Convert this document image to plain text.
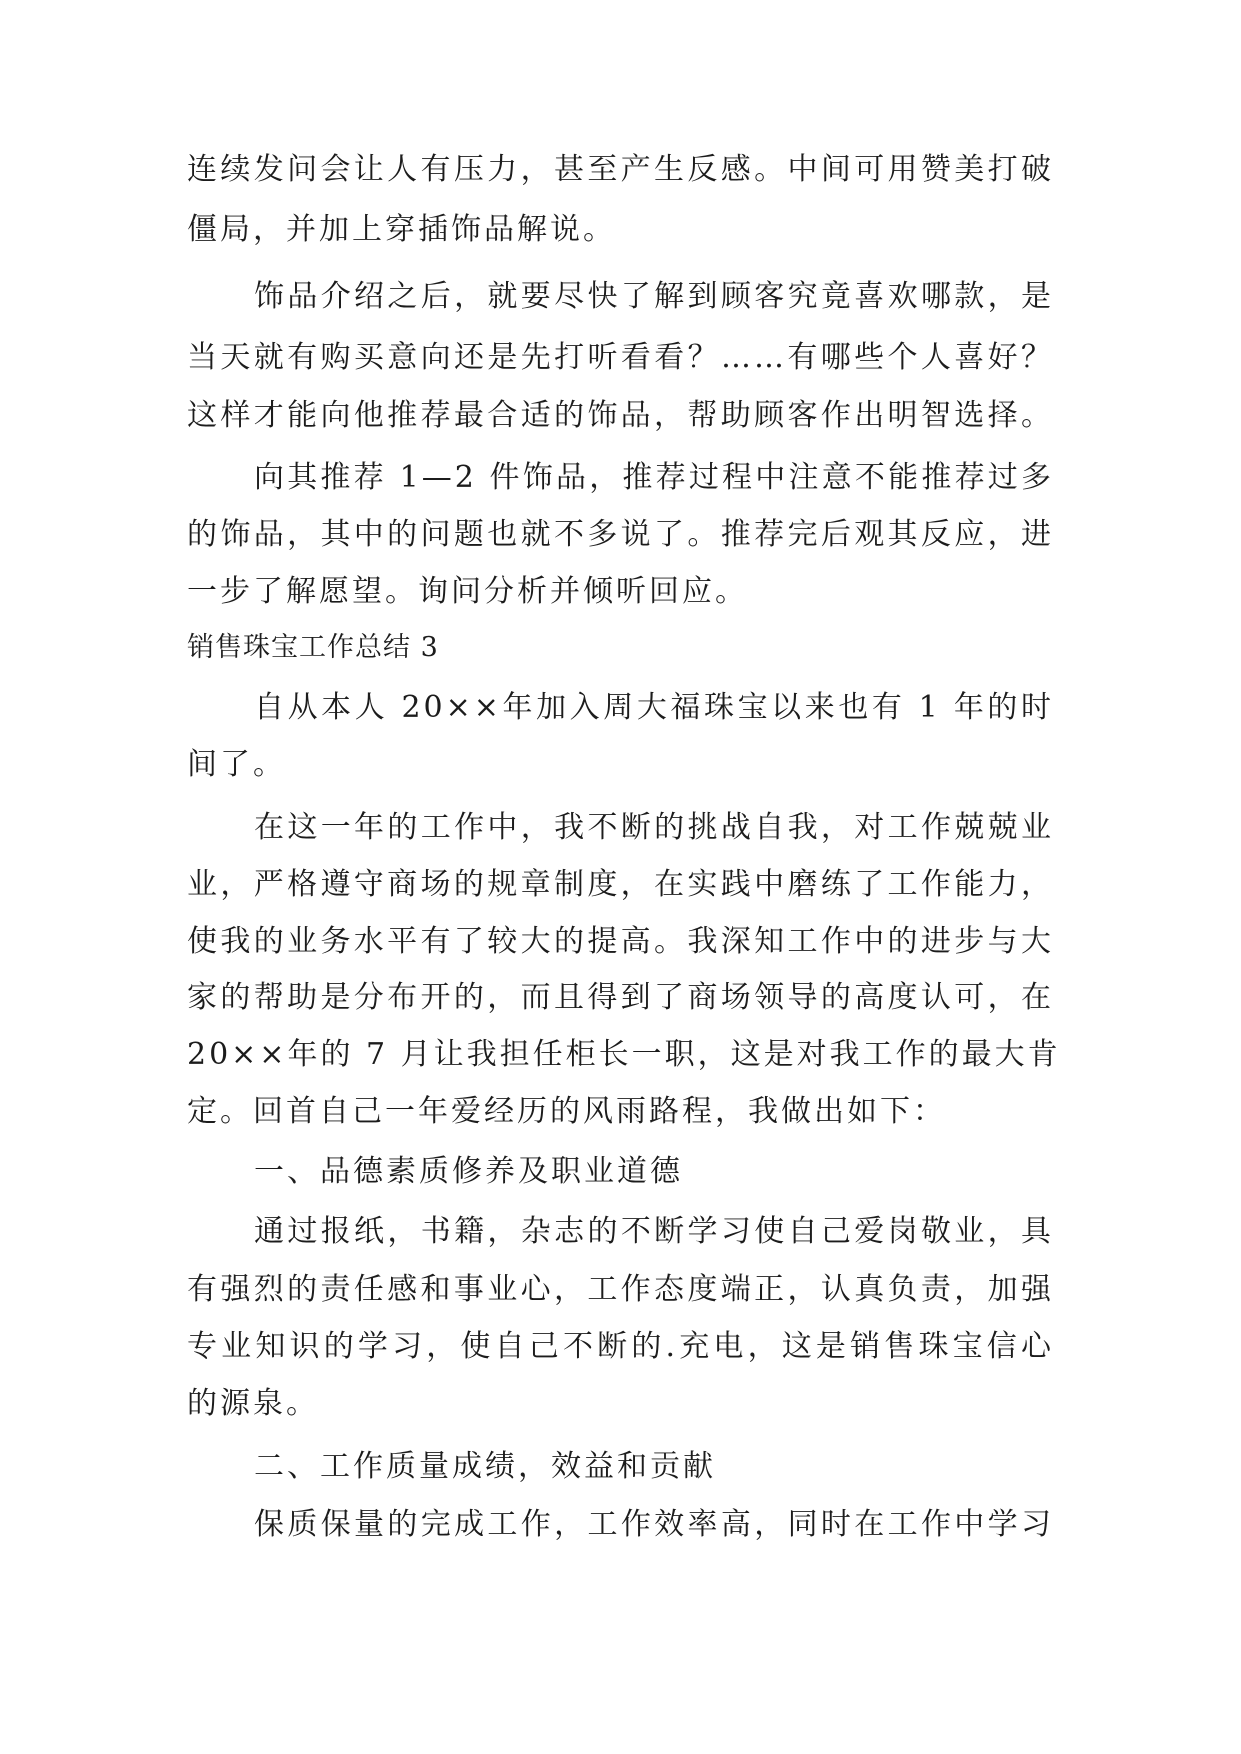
连续发问会让人有压力，甚至产生反感。中间可用赞美打破
僵局，并加上穿插饰品解说。
饰品介绍之后，就要尽快了解到顾客究竟喜欢哪款，是
当天就有购买意向还是先打听看看？……有哪些个人喜好？
这样才能向他推荐最合适的饰品，帮助顾客作出明智选择。
向其推荐 1—2 件饰品，推荐过程中注意不能推荐过多
的饰品，其中的问题也就不多说了。推荐完后观其反应，进
一步了解愿望。询问分析并倾听回应。
销售珠宝工作总结 3
自从本人 20××年加入周大福珠宝以来也有 1 年的时
间了。
在这一年的工作中，我不断的挑战自我，对工作兢兢业
业，严格遵守商场的规章制度，在实践中磨练了工作能力，
使我的业务水平有了较大的提高。我深知工作中的进步与大
家的帮助是分布开的，而且得到了商场领导的高度认可，在
20××年的 7 月让我担任柜长一职，这是对我工作的最大肯
定。回首自己一年爱经历的风雨路程，我做出如下：
一、品德素质修养及职业道德
通过报纸，书籍，杂志的不断学习使自己爱岗敬业，具
有强烈的责任感和事业心，工作态度端正，认真负责，加强
专业知识的学习，使自己不断的.充电，这是销售珠宝信心
的源泉。
二、工作质量成绩，效益和贡献
保质保量的完成工作，工作效率高，同时在工作中学习
